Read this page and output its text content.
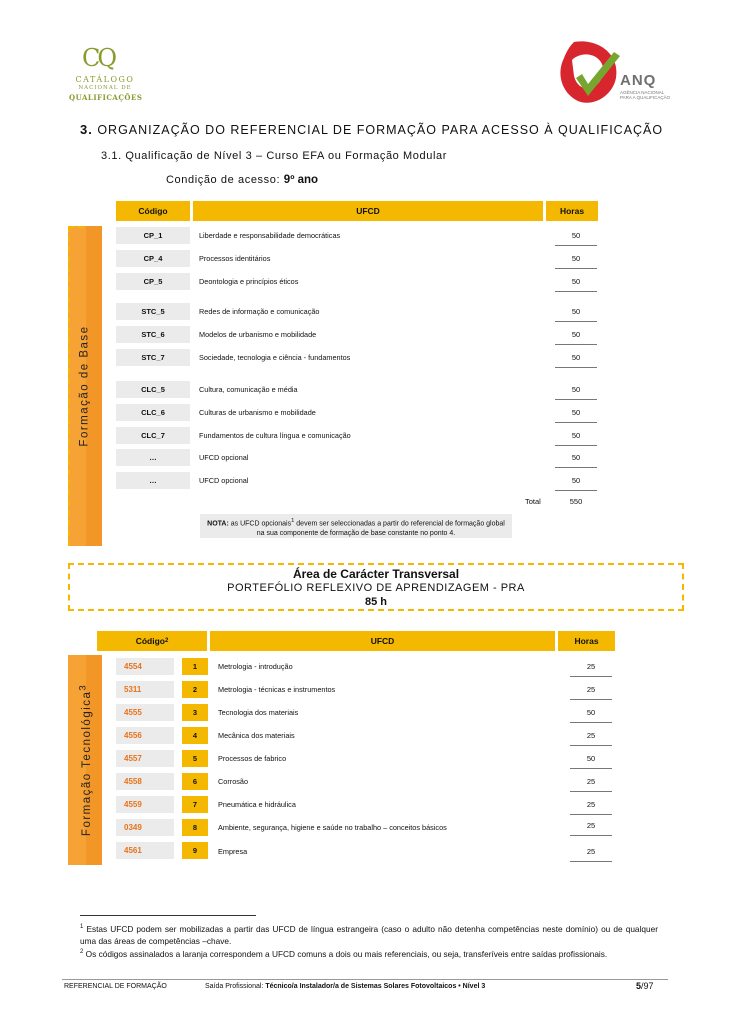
CQ
CATÁLOGO
NACIONAL DE
QUALIFICAÇÕES
ANQ
AGÊNCIA NACIONAL PARA A QUALIFICAÇÃO
3. ORGANIZAÇÃO DO REFERENCIAL DE FORMAÇÃO PARA ACESSO À QUALIFICAÇÃO
3.1. Qualificação de Nível 3 – Curso EFA ou Formação Modular
Condição de acesso: 9º ano
Código	UFCD	Horas
Formação de Base
CP_1	Liberdade e responsabilidade democráticas	50
CP_4	Processos identitários	50
CP_5	Deontologia e princípios éticos	50
STC_5	Redes de informação e comunicação	50
STC_6	Modelos de urbanismo e mobilidade	50
STC_7	Sociedade, tecnologia e ciência - fundamentos	50
CLC_5	Cultura, comunicação e média	50
CLC_6	Culturas de urbanismo e mobilidade	50
CLC_7	Fundamentos de cultura língua e comunicação	50
…	UFCD opcional	50
…	UFCD opcional	50
Total	550
NOTA: as UFCD opcionais$^1$ devem ser seleccionadas a partir do referencial de formação global na sua componente de formação de base constante no ponto 4.
Área de Carácter Transversal
PORTEFÓLIO REFLEXIVO DE APRENDIZAGEM - PRA
85 h
Código 2	UFCD	Horas
Formação Tecnológica$^3$
4554	1	Metrologia - introdução	25
5311	2	Metrologia - técnicas e instrumentos	25
4555	3	Tecnologia dos materiais	50
4556	4	Mecânica dos materiais	25
4557	5	Processos de fabrico	50
4558	6	Corrosão	25
4559	7	Pneumática e hidráulica	25
0349	8	Ambiente, segurança, higiene e saúde no trabalho – conceitos básicos	25
4561	9	Empresa	25
$^1$ Estas UFCD podem ser mobilizadas a partir das UFCD de língua estrangeira (caso o adulto não detenha competências neste domínio) ou de qualquer uma das áreas de competências –chave.
$^2$ Os códigos assinalados a laranja correspondem a UFCD comuns a dois ou mais referenciais, ou seja, transferíveis entre saídas profissionais.
REFERENCIAL DE FORMAÇÃO	Saída Profissional: Técnico/a Instalador/a de Sistemas Solares Fotovoltaicos • Nível 3	5/97
